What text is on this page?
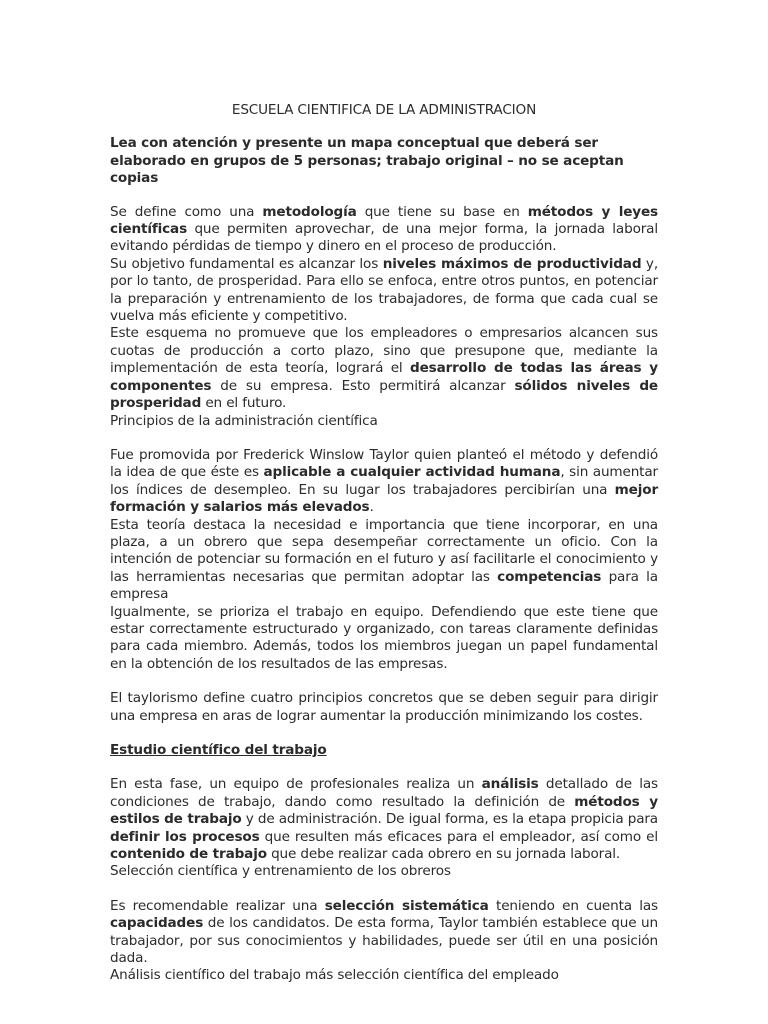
ESCUELA CIENTIFICA DE LA ADMINISTRACION
Lea con atención y presente un mapa conceptual que deberá ser elaborado en grupos de 5 personas; trabajo original – no se aceptan copias

Se define como una metodología que tiene su base en métodos y leyes científicas que permiten aprovechar, de una mejor forma, la jornada laboral evitando pérdidas de tiempo y dinero en el proceso de producción.

Su objetivo fundamental es alcanzar los niveles máximos de productividad y, por lo tanto, de prosperidad. Para ello se enfoca, entre otros puntos, en potenciar la preparación y entrenamiento de los trabajadores, de forma que cada cual se vuelva más eficiente y competitivo.

Este esquema no promueve que los empleadores o empresarios alcancen sus cuotas de producción a corto plazo, sino que presupone que, mediante la implementación de esta teoría, logrará el desarrollo de todas las áreas y componentes de su empresa. Esto permitirá alcanzar sólidos niveles de prosperidad en el futuro.

Principios de la administración científica

Fue promovida por Frederick Winslow Taylor quien planteó el método y defendió la idea de que éste es aplicable a cualquier actividad humana, sin aumentar los índices de desempleo. En su lugar los trabajadores percibirían una mejor formación y salarios más elevados.

Esta teoría destaca la necesidad e importancia que tiene incorporar, en una plaza, a un obrero que sepa desempeñar correctamente un oficio. Con la intención de potenciar su formación en el futuro y así facilitarle el conocimiento y las herramientas necesarias que permitan adoptar las competencias para la empresa

Igualmente, se prioriza el trabajo en equipo. Defendiendo que este tiene que estar correctamente estructurado y organizado, con tareas claramente definidas para cada miembro. Además, todos los miembros juegan un papel fundamental en la obtención de los resultados de las empresas.

El taylorismo define cuatro principios concretos que se deben seguir para dirigir una empresa en aras de lograr aumentar la producción minimizando los costes.

Estudio científico del trabajo

En esta fase, un equipo de profesionales realiza un análisis detallado de las condiciones de trabajo, dando como resultado la definición de métodos y estilos de trabajo y de administración. De igual forma, es la etapa propicia para definir los procesos que resulten más eficaces para el empleador, así como el contenido de trabajo que debe realizar cada obrero en su jornada laboral.

Selección científica y entrenamiento de los obreros

Es recomendable realizar una selección sistemática teniendo en cuenta las capacidades de los candidatos. De esta forma, Taylor también establece que un trabajador, por sus conocimientos y habilidades, puede ser útil en una posición dada.

Análisis científico del trabajo más selección científica del empleado
